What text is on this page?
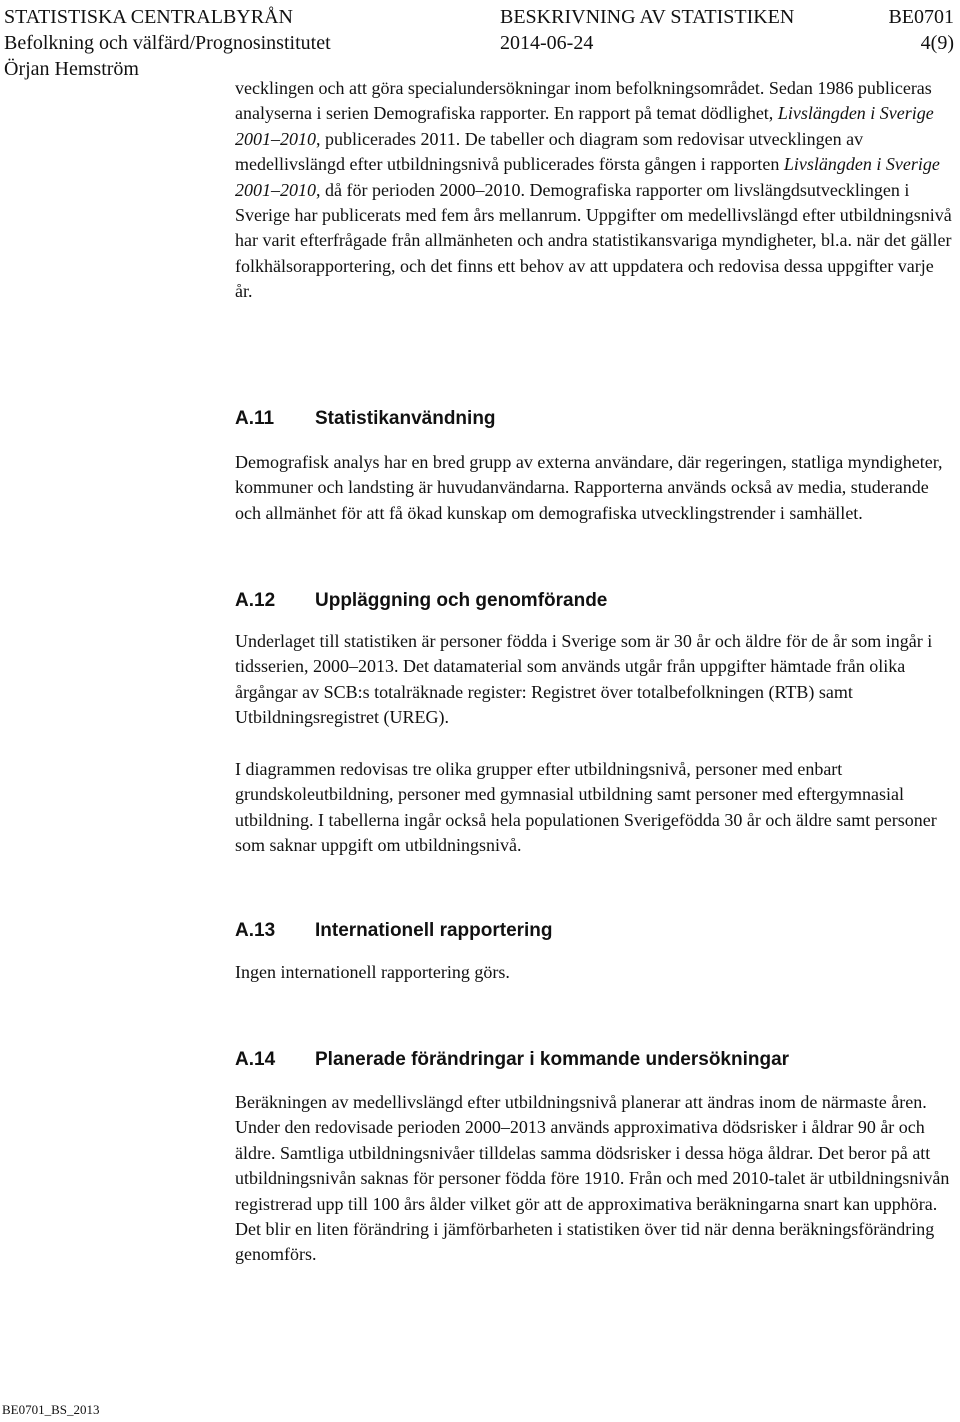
STATISTISKA CENTRALBYRÅN
Befolkning och välfärd/Prognosinstitutet
Örjan Hemström
BESKRIVNING AV STATISTIKEN
2014-06-24
BE0701
4(9)

vecklingen och att göra specialundersökningar inom befolkningsområdet. Sedan 1986 publiceras analyserna i serien Demografiska rapporter. En rapport på temat dödlighet, Livslängden i Sverige 2001–2010, publicerades 2011. De tabeller och diagram som redovisar utvecklingen av medellivslängd efter utbildningsnivå publicerades första gången i rapporten Livslängden i Sverige 2001–2010, då för perioden 2000–2010. Demografiska rapporter om livslängdsutvecklingen i Sverige har publicerats med fem års mellanrum. Uppgifter om medellivslängd efter utbildningsnivå har varit efterfrågade från allmänheten och andra statistikansvariga myndigheter, bl.a. när det gäller folkhälsorapportering, och det finns ett behov av att uppdatera och redovisa dessa uppgifter varje år.

A.11 Statistikanvändning

Demografisk analys har en bred grupp av externa användare, där regeringen, statliga myndigheter, kommuner och landsting är huvudanvändarna. Rapporterna används också av media, studerande och allmänhet för att få ökad kunskap om demografiska utvecklingstrender i samhället.

A.12 Uppläggning och genomförande

Underlaget till statistiken är personer födda i Sverige som är 30 år och äldre för de år som ingår i tidsserien, 2000–2013. Det datamaterial som används utgår från uppgifter hämtade från olika årgångar av SCB:s totalräknade register: Registret över totalbefolkningen (RTB) samt Utbildningsregistret (UREG).

I diagrammen redovisas tre olika grupper efter utbildningsnivå, personer med enbart grundskoleutbildning, personer med gymnasial utbildning samt personer med eftergymnasial utbildning. I tabellerna ingår också hela populationen Sverigefödda 30 år och äldre samt personer som saknar uppgift om utbildningsnivå.

A.13 Internationell rapportering

Ingen internationell rapportering görs.

A.14 Planerade förändringar i kommande undersökningar

Beräkningen av medellivslängd efter utbildningsnivå planerar att ändras inom de närmaste åren. Under den redovisade perioden 2000–2013 används approximativa dödsrisker i åldrar 90 år och äldre. Samtliga utbildningsnivåer tilldelas samma dödsrisker i dessa höga åldrar. Det beror på att utbildningsnivån saknas för personer födda före 1910. Från och med 2010-talet är utbildningsnivån registrerad upp till 100 års ålder vilket gör att de approximativa beräkningarna snart kan upphöra. Det blir en liten förändring i jämförbarheten i statistiken över tid när denna beräkningsförändring genomförs.

BE0701_BS_2013
